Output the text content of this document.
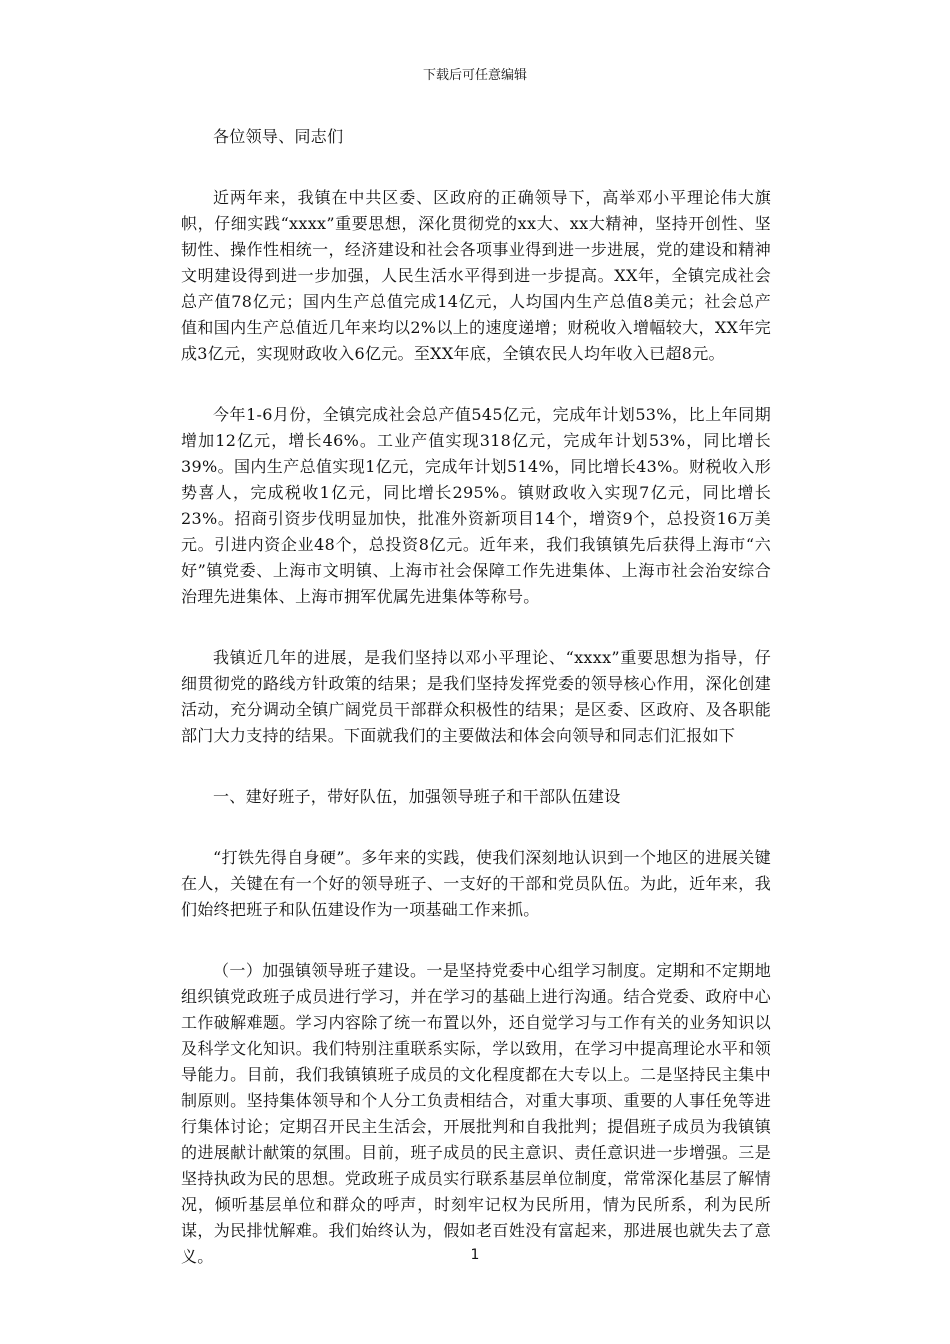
下载后可任意编辑

各位领导、同志们

近两年来，我镇在中共区委、区政府的正确领导下，高举邓小平理论伟大旗帜，仔细实践“xxxx”重要思想，深化贯彻党的xx大、xx大精神，坚持开创性、坚韧性、操作性相统一，经济建设和社会各项事业得到进一步进展，党的建设和精神文明建设得到进一步加强，人民生活水平得到进一步提高。XX年，全镇完成社会总产值78亿元；国内生产总值完成14亿元，人均国内生产总值8美元；社会总产值和国内生产总值近几年来均以2%以上的速度递增；财税收入增幅较大，XX年完成3亿元，实现财政收入6亿元。至XX年底，全镇农民人均年收入已超8元。

今年1-6月份，全镇完成社会总产值545亿元，完成年计划53%，比上年同期增加12亿元，增长46%。工业产值实现318亿元，完成年计划53%，同比增长39%。国内生产总值实现1亿元，完成年计划514%，同比增长43%。财税收入形势喜人，完成税收1亿元，同比增长295%。镇财政收入实现7亿元，同比增长23%。招商引资步伐明显加快，批准外资新项目14个，增资9个，总投资16万美元。引进内资企业48个，总投资8亿元。近年来，我们我镇镇先后获得上海市“六好”镇党委、上海市文明镇、上海市社会保障工作先进集体、上海市社会治安综合治理先进集体、上海市拥军优属先进集体等称号。

我镇近几年的进展，是我们坚持以邓小平理论、“xxxx”重要思想为指导，仔细贯彻党的路线方针政策的结果；是我们坚持发挥党委的领导核心作用，深化创建活动，充分调动全镇广阔党员干部群众积极性的结果；是区委、区政府、及各职能部门大力支持的结果。下面就我们的主要做法和体会向领导和同志们汇报如下

一、建好班子，带好队伍，加强领导班子和干部队伍建设

“打铁先得自身硬”。多年来的实践，使我们深刻地认识到一个地区的进展关键在人，关键在有一个好的领导班子、一支好的干部和党员队伍。为此，近年来，我们始终把班子和队伍建设作为一项基础工作来抓。

（一）加强镇领导班子建设。一是坚持党委中心组学习制度。定期和不定期地组织镇党政班子成员进行学习，并在学习的基础上进行沟通。结合党委、政府中心工作破解难题。学习内容除了统一布置以外，还自觉学习与工作有关的业务知识以及科学文化知识。我们特别注重联系实际，学以致用，在学习中提高理论水平和领导能力。目前，我们我镇镇班子成员的文化程度都在大专以上。二是坚持民主集中制原则。坚持集体领导和个人分工负责相结合，对重大事项、重要的人事任免等进行集体讨论；定期召开民主生活会，开展批判和自我批判；提倡班子成员为我镇镇的进展献计献策的氛围。目前，班子成员的民主意识、责任意识进一步增强。三是坚持执政为民的思想。党政班子成员实行联系基层单位制度，常常深化基层了解情况，倾听基层单位和群众的呼声，时刻牢记权为民所用，情为民所系，利为民所谋，为民排忧解难。我们始终认为，假如老百姓没有富起来，那进展也就失去了意义。	1
